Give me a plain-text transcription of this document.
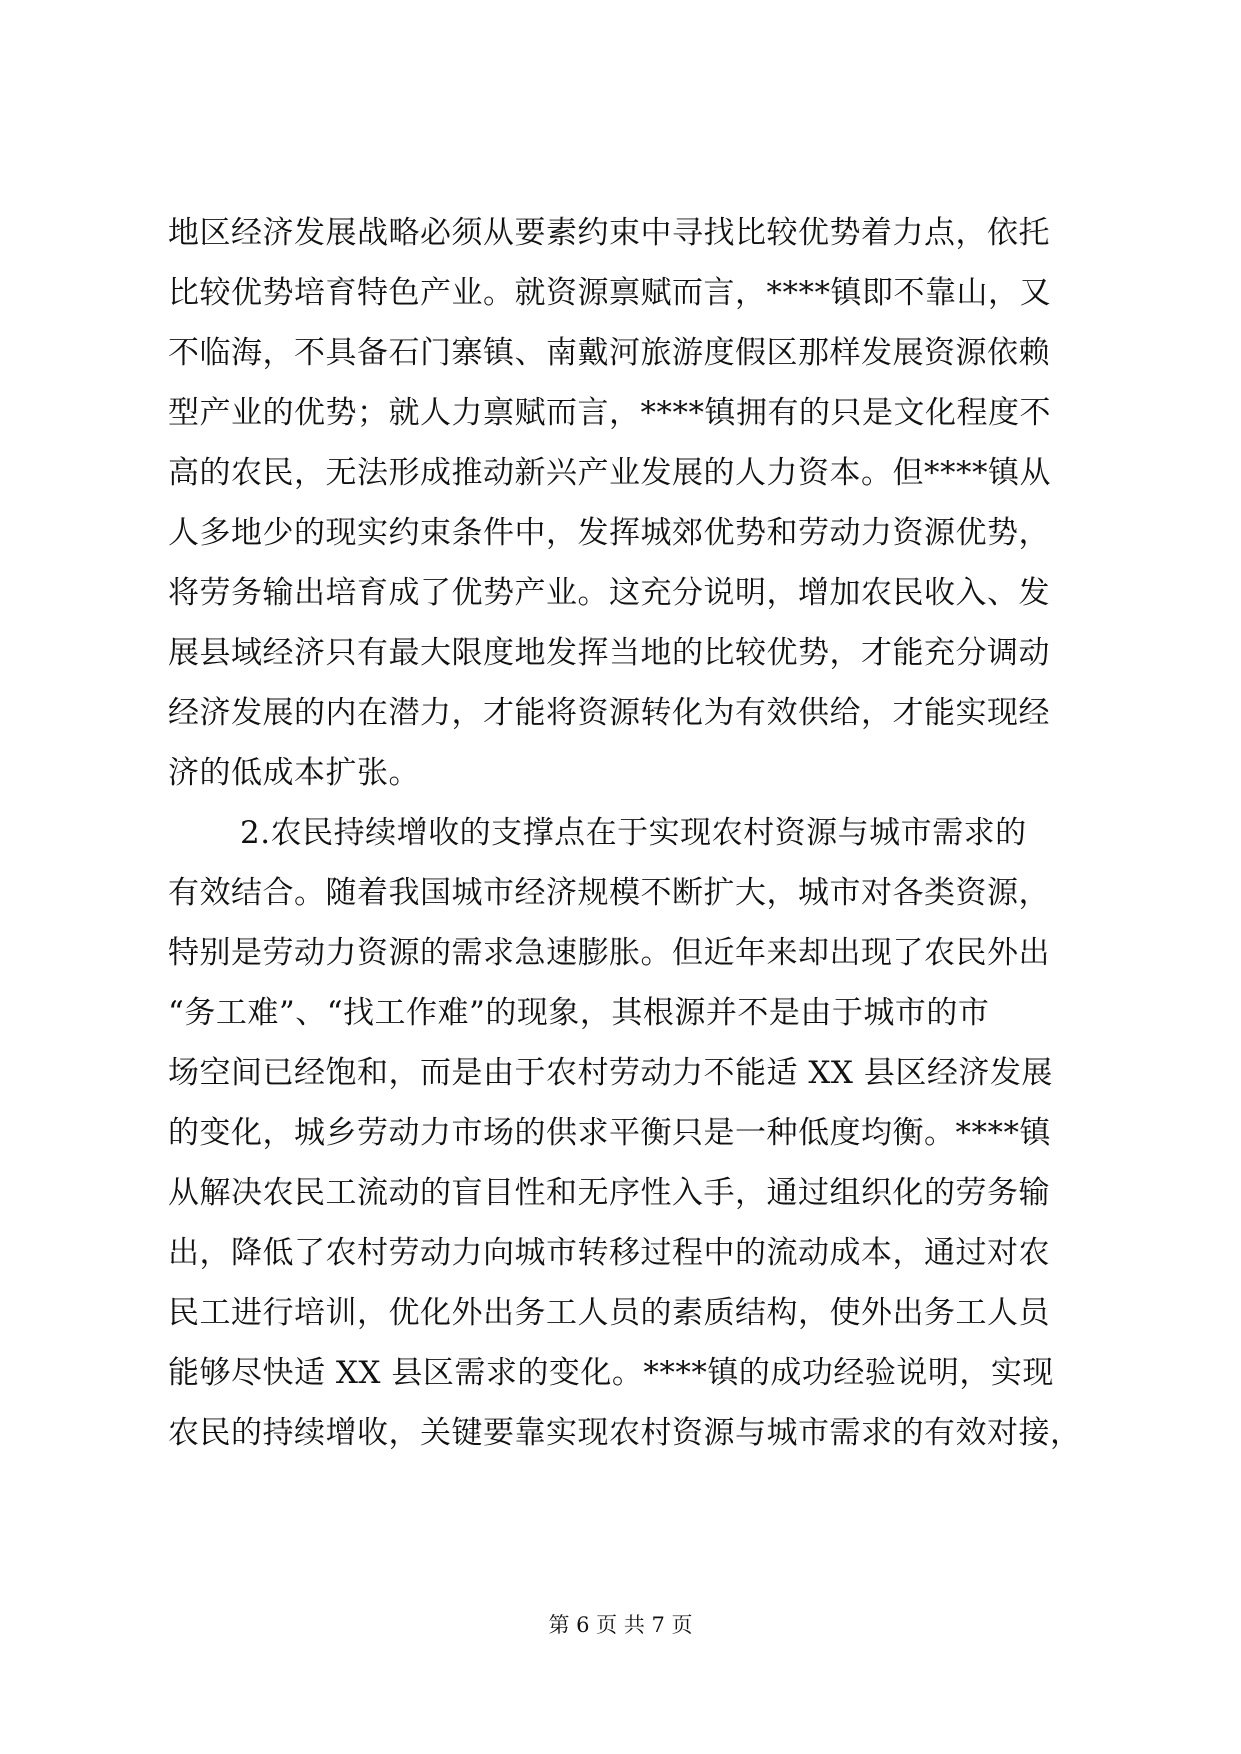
地区经济发展战略必须从要素约束中寻找比较优势着力点，依托
比较优势培育特色产业。就资源禀赋而言，****镇即不靠山，又
不临海，不具备石门寨镇、南戴河旅游度假区那样发展资源依赖
型产业的优势；就人力禀赋而言，****镇拥有的只是文化程度不
高的农民，无法形成推动新兴产业发展的人力资本。但****镇从
人多地少的现实约束条件中，发挥城郊优势和劳动力资源优势，
将劳务输出培育成了优势产业。这充分说明，增加农民收入、发
展县域经济只有最大限度地发挥当地的比较优势，才能充分调动
经济发展的内在潜力，才能将资源转化为有效供给，才能实现经
济的低成本扩张。
2.农民持续增收的支撑点在于实现农村资源与城市需求的
有效结合。随着我国城市经济规模不断扩大，城市对各类资源，
特别是劳动力资源的需求急速膨胀。但近年来却出现了农民外出
“务工难”、“找工作难”的现象，其根源并不是由于城市的市
场空间已经饱和，而是由于农村劳动力不能适 XX 县区经济发展
的变化，城乡劳动力市场的供求平衡只是一种低度均衡。****镇
从解决农民工流动的盲目性和无序性入手，通过组织化的劳务输
出，降低了农村劳动力向城市转移过程中的流动成本，通过对农
民工进行培训，优化外出务工人员的素质结构，使外出务工人员
能够尽快适 XX 县区需求的变化。****镇的成功经验说明，实现
农民的持续增收，关键要靠实现农村资源与城市需求的有效对接，
第 6 页 共 7 页
